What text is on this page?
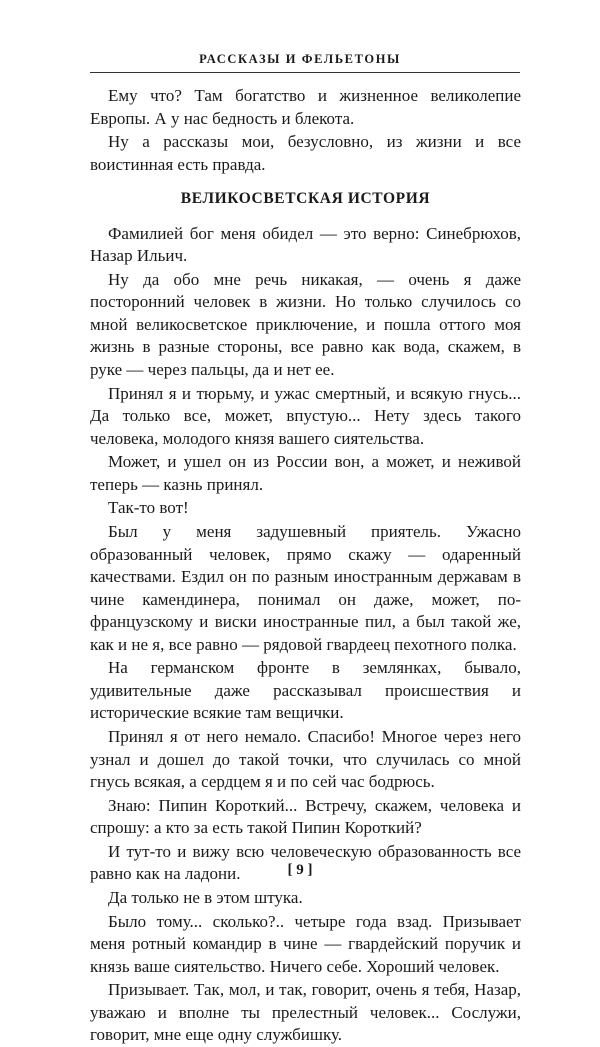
РАССКАЗЫ И ФЕЛЬЕТОНЫ

Ему что? Там богатство и жизненное великолепие Европы. А у нас бедность и блекота.

Ну а рассказы мои, безусловно, из жизни и все воистинная есть правда.

ВЕЛИКОСВЕТСКАЯ ИСТОРИЯ

Фамилией бог меня обидел — это верно: Синебрюхов, Назар Ильич.

Ну да обо мне речь никакая, — очень я даже посторонний человек в жизни. Но только случилось со мной великосветское приключение, и пошла оттого моя жизнь в разные стороны, все равно как вода, скажем, в руке — через пальцы, да и нет ее.

Принял я и тюрьму, и ужас смертный, и всякую гнусь... Да только все, может, впустую... Нету здесь такого человека, молодого князя вашего сиятельства.

Может, и ушел он из России вон, а может, и неживой теперь — казнь принял.

Так-то вот!

Был у меня задушевный приятель. Ужасно образованный человек, прямо скажу — одаренный качествами. Ездил он по разным иностранным державам в чине камендинера, понимал он даже, может, по-французскому и виски иностранные пил, а был такой же, как и не я, все равно — рядовой гвардеец пехотного полка.

На германском фронте в землянках, бывало, удивительные даже рассказывал происшествия и исторические всякие там вещички.

Принял я от него немало. Спасибо! Многое через него узнал и дошел до такой точки, что случилась со мной гнусь всякая, а сердцем я и по сей час бодрюсь.

Знаю: Пипин Короткий... Встречу, скажем, человека и спрошу: а кто за есть такой Пипин Короткий?

И тут-то и вижу всю человеческую образованность все равно как на ладони.

Да только не в этом штука.

Было тому... сколько?.. четыре года взад. Призывает меня ротный командир в чине — гвардейский поручик и князь ваше сиятельство. Ничего себе. Хороший человек.

Призывает. Так, мол, и так, говорит, очень я тебя, Назар, уважаю и вполне ты прелестный человек... Сослужи, говорит, мне еще одну службишку.

[ 9 ]
